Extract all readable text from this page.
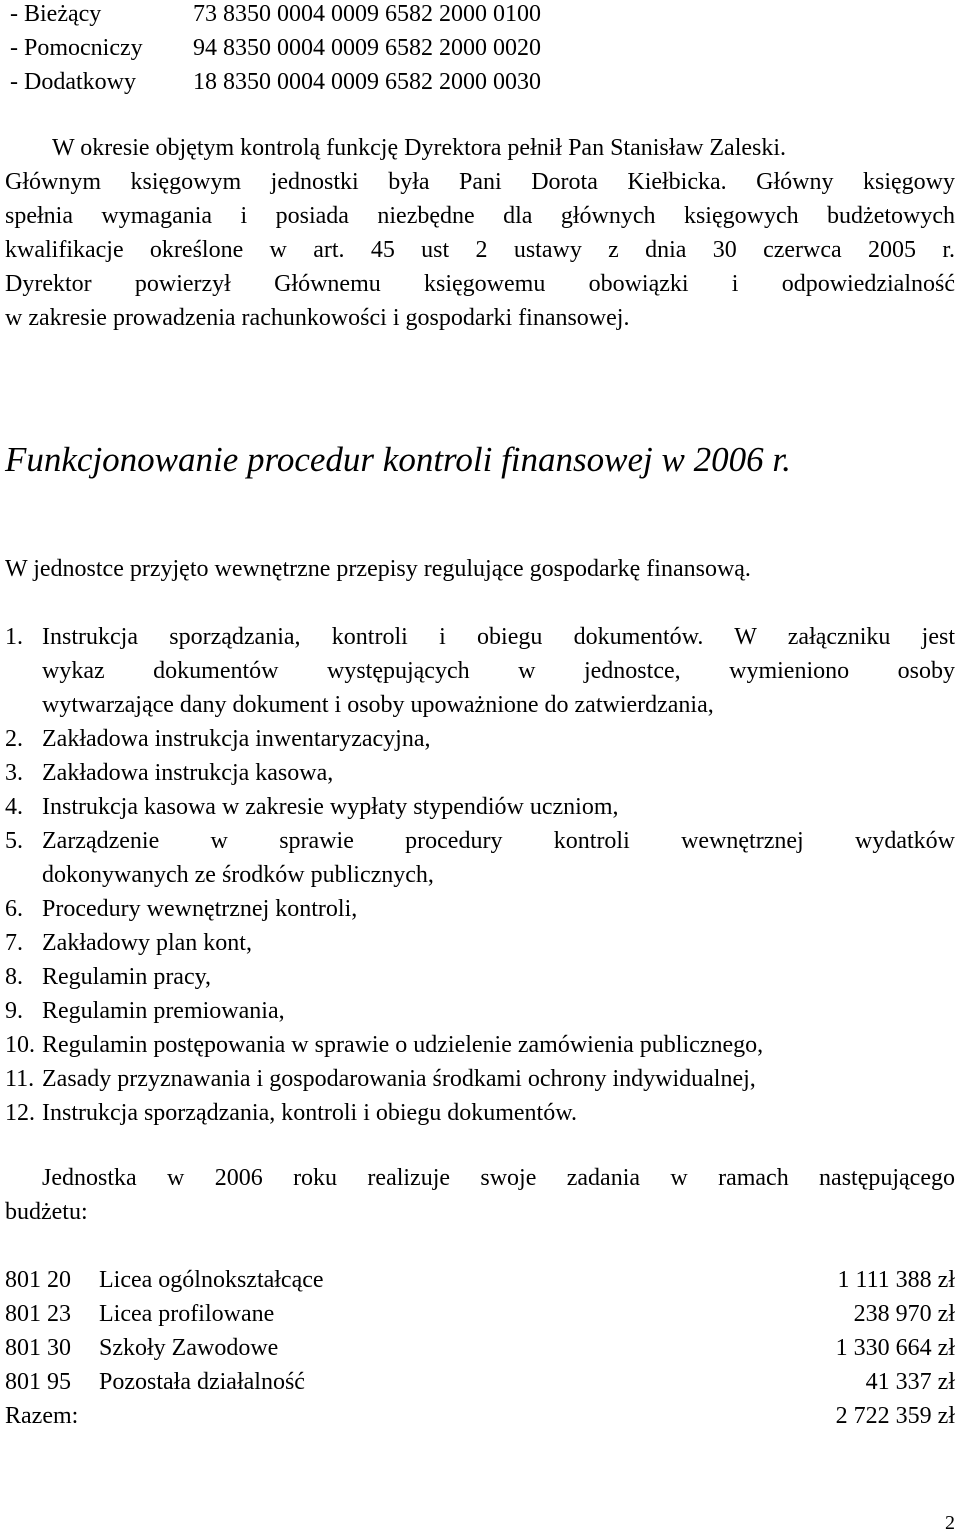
- Bieżący	73 8350 0004 0009 6582 2000 0100
- Pomocniczy 94 8350 0004 0009 6582 2000 0020
- Dodatkowy 18 8350 0004 0009 6582 2000 0030
W okresie objętym kontrolą funkcję Dyrektora pełnił Pan Stanisław Zaleski.
Głównym księgowym jednostki była Pani Dorota Kiełbicka. Główny księgowy
spełnia wymagania i posiada niezbędne dla głównych księgowych budżetowych
kwalifikacje określone w art. 45 ust 2 ustawy z dnia 30 czerwca 2005 r.
Dyrektor powierzył Głównemu księgowemu obowiązki i odpowiedzialność
w zakresie prowadzenia rachunkowości i gospodarki finansowej.
Funkcjonowanie procedur kontroli finansowej w 2006 r.
W jednostce przyjęto wewnętrzne przepisy regulujące gospodarkę finansową.
1. Instrukcja sporządzania, kontroli i obiegu dokumentów. W załączniku jest
wykaz dokumentów występujących w jednostce, wymieniono osoby
wytwarzające dany dokument i osoby upoważnione do zatwierdzania,
2. Zakładowa instrukcja inwentaryzacyjna,
3. Zakładowa instrukcja kasowa,
4. Instrukcja kasowa w zakresie wypłaty stypendiów uczniom,
5. Zarządzenie w sprawie procedury kontroli wewnętrznej wydatków
dokonywanych ze środków publicznych,
6. Procedury wewnętrznej kontroli,
7. Zakładowy plan kont,
8. Regulamin pracy,
9. Regulamin premiowania,
10. Regulamin postępowania w sprawie o udzielenie zamówienia publicznego,
11. Zasady przyznawania i gospodarowania środkami ochrony indywidualnej,
12. Instrukcja sporządzania, kontroli i obiegu dokumentów.
Jednostka w 2006 roku realizuje swoje zadania w ramach następującego
budżetu:
801 20 Licea ogólnokształcące	1 111 388 zł
801 23 Licea profilowane	238 970 zł
801 30 Szkoły Zawodowe	1 330 664 zł
801 95 Pozostała działalność	41 337 zł
Razem:	2 722 359 zł
2
